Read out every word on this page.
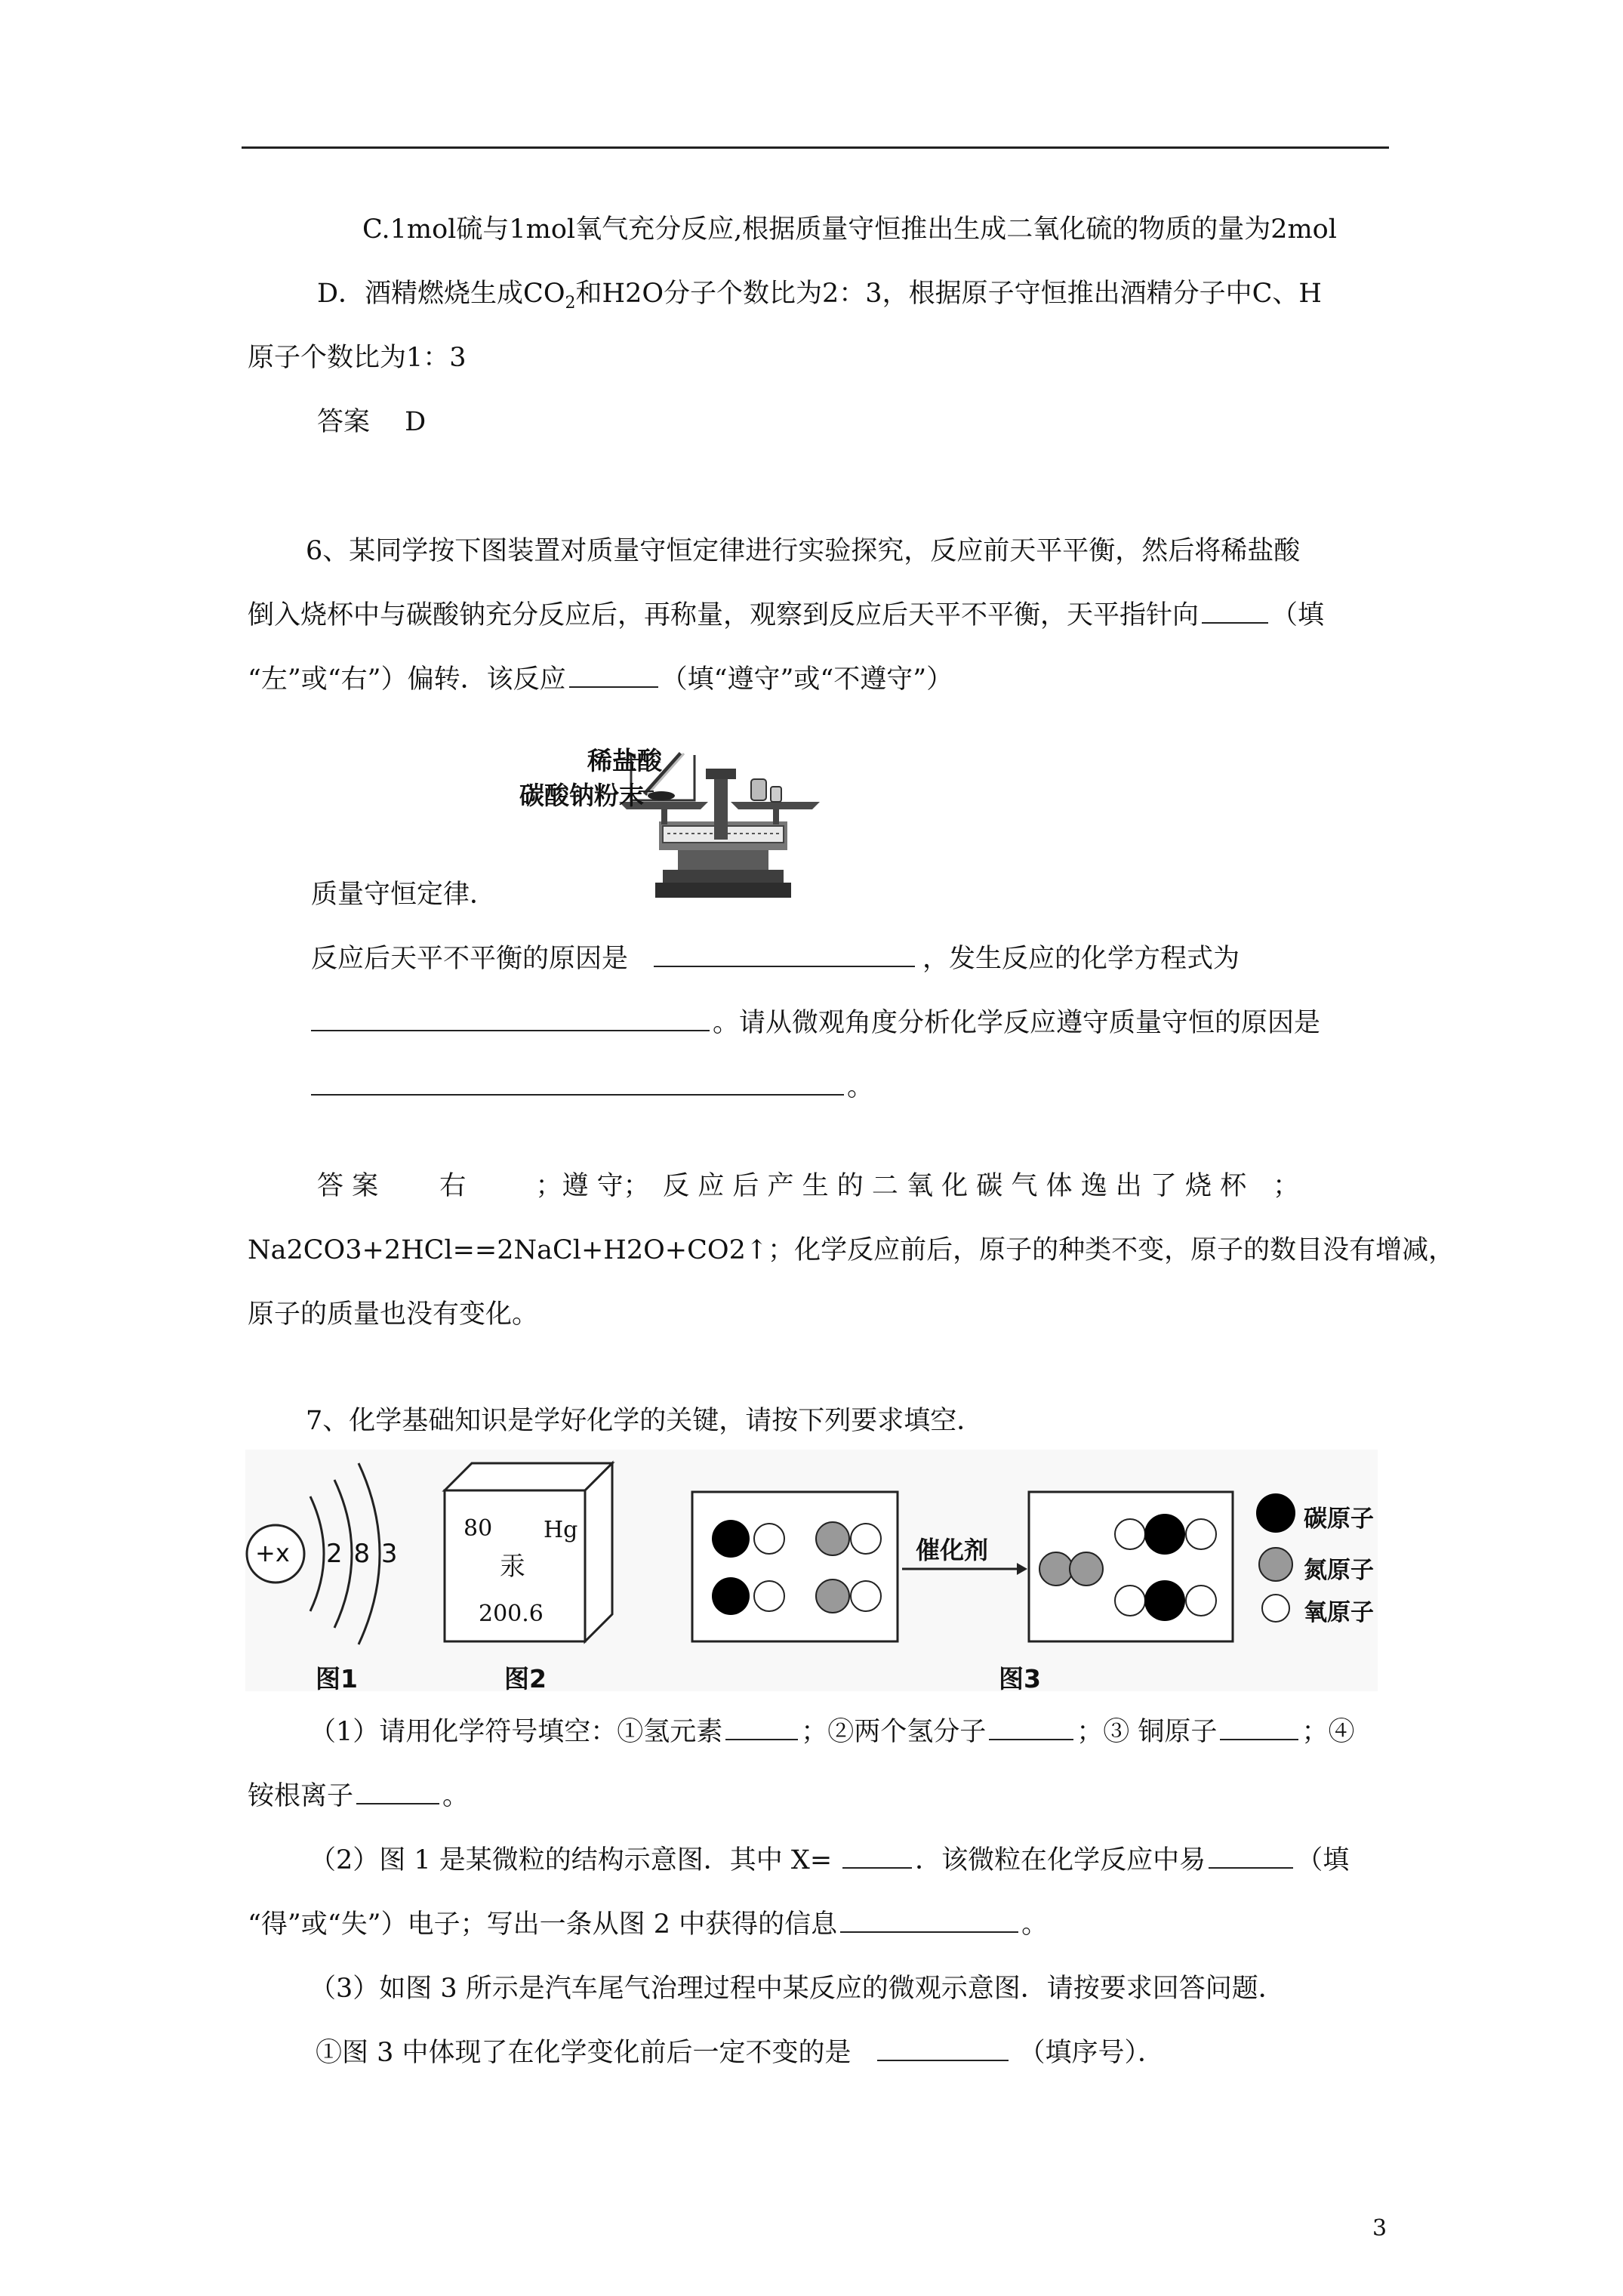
C.1mol硫与1mol氧气充分反应,根据质量守恒推出生成二氧化硫的物质的量为2mol
D．酒精燃烧生成$CO_2$和H2O分子个数比为2：3，根据原子守恒推出酒精分子中C、H
原子个数比为1：3
答案　 D
6、某同学按下图装置对质量守恒定律进行实验探究，反应前天平平衡，然后将稀盐酸
倒入烧杯中与碳酸钠充分反应后，再称量，观察到反应后天平不平衡，天平指针向	（填
“左”或“右”）偏转．该反应	（填“遵守”或“不遵守”）
稀盐酸
碳酸钠粉末
质量守恒定律．
反应后天平不平衡的原因是	，发生反应的化学方程式为
。请从微观角度分析化学反应遵守质量守恒的原因是
。
答 案　 　右　 　 ；遵 守；　反 应 后 产 生 的 二 氧 化 碳 气 体 逸 出 了 烧 杯　；
Na2CO3+2HCl==2NaCl+H2O+CO2↑；化学反应前后，原子的种类不变，原子的数目没有增减，
原子的质量也没有变化。
7、化学基础知识是学好化学的关键，请按下列要求填空．
+x 2 8 3
80 Hg
汞
200.6
催化剂
碳原子
氮原子
氧原子
图1	图2	图3
（1）请用化学符号填空：①氢元素	；②两个氢分子	；③ 铜原子	；④
铵根离子	。
（2）图 1 是某微粒的结构示意图．其中 X=	．该微粒在化学反应中易	（填
“得”或“失”）电子；写出一条从图 2 中获得的信息	。
（3）如图 3 所示是汽车尾气治理过程中某反应的微观示意图．请按要求回答问题．
①图 3 中体现了在化学变化前后一定不变的是	（填序号）．
3
